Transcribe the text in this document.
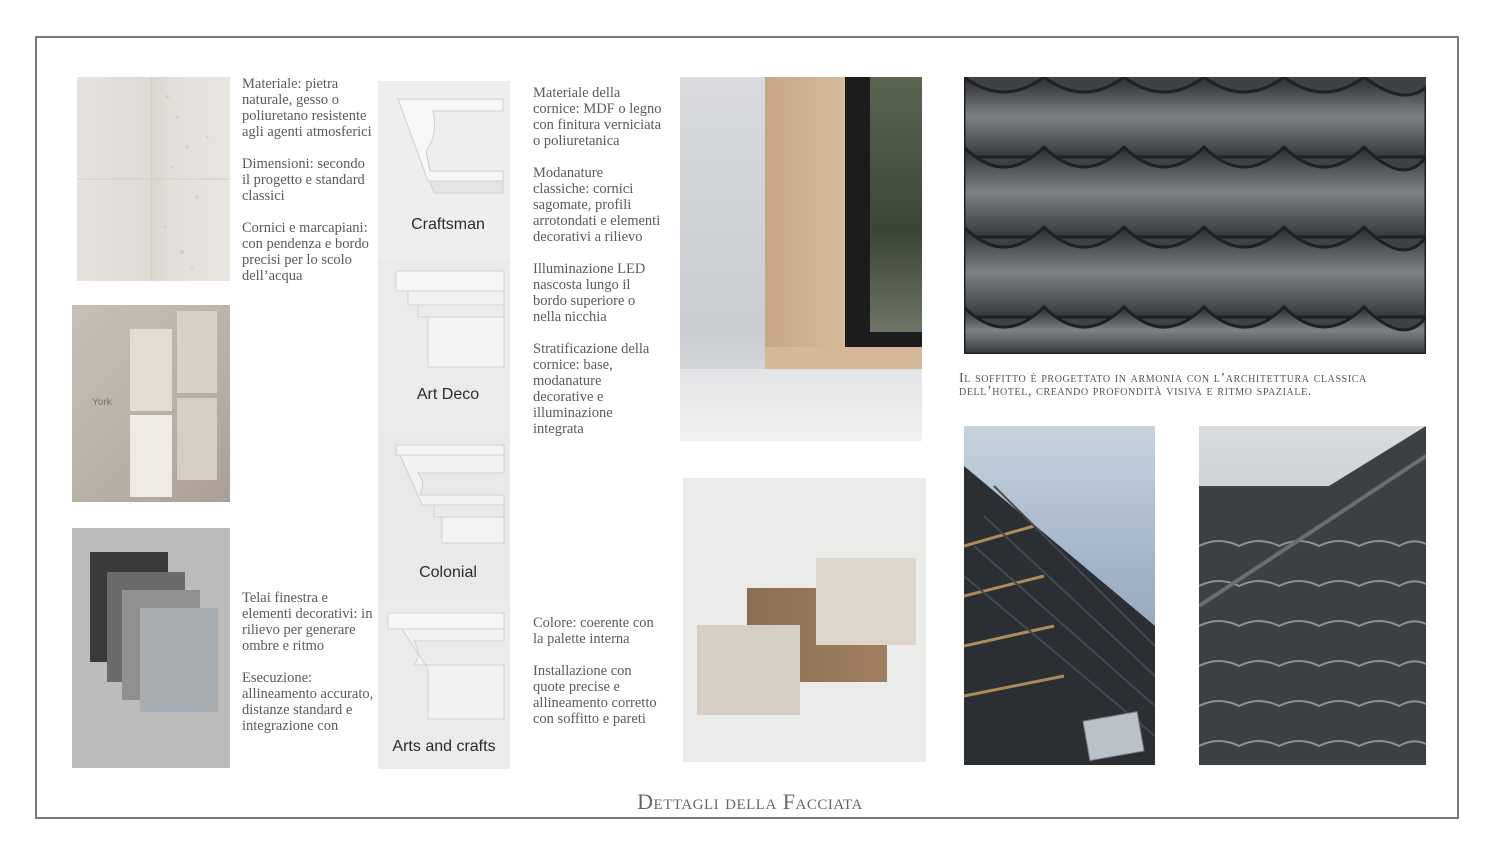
York

Materiale: pietra naturale, gesso o poliuretano resistente agli agenti atmosferici

Dimensioni: secondo il progetto e standard classici

Cornici e marcapiani: con pendenza e bordo precisi per lo scolo dell’acqua

Telai finestra e elementi decorativi: in rilievo per generare ombre e ritmo

Esecuzione: allineamento accurato, distanze standard e integrazione con

Craftsman
Art Deco
Colonial
Arts and crafts

Materiale della cornice: MDF o legno con finitura verniciata o poliuretanica

Modanature classiche: cornici sagomate, profili arrotondati e elementi decorativi a rilievo

Illuminazione LED nascosta lungo il bordo superiore o nella nicchia

Stratificazione della cornice: base, modanature decorative e illuminazione integrata

Colore: coerente con la palette interna

Installazione con quote precise e allineamento corretto con soffitto e pareti

Il soffitto è progettato in armonia con l’architettura classica dell’hotel, creando profondità visiva e ritmo spaziale.
Dettagli della Facciata
